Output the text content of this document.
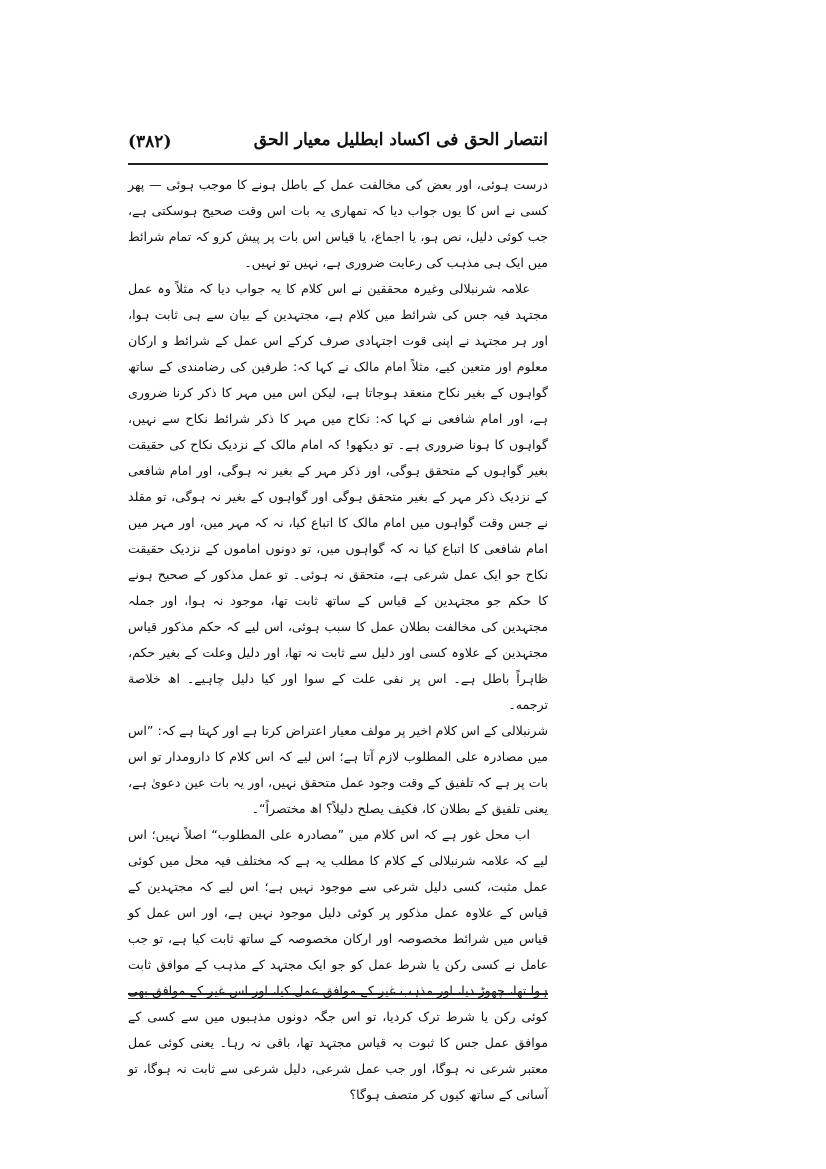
انتصار الحق فی اکساد ابطلیل معیار الحق
(۳۸۲)

درست ہوئی، اور بعض کی مخالفت عمل کے باطل ہونے کا موجب ہوئی — پھر کسی نے اس کا یوں جواب دیا کہ تمھاری یہ بات اس وقت صحیح ہوسکتی ہے، جب کوئی دلیل، نص ہو، یا اجماع، یا قیاس اس بات پر پیش کرو کہ تمام شرائط میں ایک ہی مذہب کی رعایت ضروری ہے، نہیں تو نہیں۔

علامہ شرنبلالی وغیرہ محققین نے اس کلام کا یہ جواب دیا کہ مثلاً وہ عمل مجتہد فیہ جس کی شرائط میں کلام ہے، مجتہدین کے بیان سے ہی ثابت ہوا، اور ہر مجتہد نے اپنی قوت اجتہادی صرف کرکے اس عمل کے شرائط و ارکان معلوم اور متعین کیے، مثلاً امام مالک نے کہا کہ: طرفین کی رضامندی کے ساتھ گواہوں کے بغیر نکاح منعقد ہوجاتا ہے، لیکن اس میں مہر کا ذکر کرنا ضروری ہے، اور امام شافعی نے کہا کہ: نکاح میں مہر کا ذکر شرائط نکاح سے نہیں، گواہوں کا ہونا ضروری ہے۔ تو دیکھو! کہ امام مالک کے نزدیک نکاح کی حقیقت بغیر گواہوں کے متحقق ہوگی، اور ذکر مہر کے بغیر نہ ہوگی، اور امام شافعی کے نزدیک ذکر مہر کے بغیر متحقق ہوگی اور گواہوں کے بغیر نہ ہوگی، تو مقلد نے جس وقت گواہوں میں امام مالک کا اتباع کیا، نہ کہ مہر میں، اور مہر میں امام شافعی کا اتباع کیا نہ کہ گواہوں میں، تو دونوں اماموں کے نزدیک حقیقت نکاح جو ایک عمل شرعی ہے، متحقق نہ ہوئی۔ تو عمل مذکور کے صحیح ہونے کا حکم جو مجتہدین کے قیاس کے ساتھ ثابت تھا، موجود نہ ہوا، اور جملہ مجتہدین کی مخالفت بطلان عمل کا سبب ہوئی، اس لیے کہ حکم مذکور قیاس مجتہدین کے علاوہ کسی اور دلیل سے ثابت نہ تھا، اور دلیل وعلت کے بغیر حکم، ظاہراً باطل ہے۔ اس پر نفی علت کے سوا اور کیا دلیل چاہیے۔ اھ خلاصة ترجمه۔

شرنبلالی کے اس کلام اخیر پر مولف معیار اعتراض کرتا ہے اور کہتا ہے کہ: ”اس میں مصادرہ علی المطلوب لازم آتا ہے؛ اس لیے کہ اس کلام کا دارومدار تو اس بات پر ہے کہ تلفیق کے وقت وجود عمل متحقق نہیں، اور یہ بات عین دعویٰ ہے، یعنی تلفیق کے بطلان کا، فكيف يصلح دليلاً؟ اھ مختصراً“۔

اب محل غور ہے کہ اس کلام میں ”مصادرہ علی المطلوب“ اصلاً نہیں؛ اس لیے کہ علامہ شرنبلالی کے کلام کا مطلب یہ ہے کہ مختلف فیہ محل میں کوئی عمل مثبت، کسی دلیل شرعی سے موجود نہیں ہے؛ اس لیے کہ مجتہدین کے قیاس کے علاوہ عمل مذکور پر کوئی دلیل موجود نہیں ہے، اور اس عمل کو قیاس میں شرائط مخصوصہ اور ارکان مخصوصہ کے ساتھ ثابت کیا ہے، تو جب عامل نے کسی رکن یا شرط عمل کو جو ایک مجتہد کے مذہب کے موافق ثابت ہوا تھا، چھوڑ دیا، اور مذہب غیر کے موافق عمل کیا، اور اس غیر کے موافق بھی کوئی رکن یا شرط ترک کردیا، تو اس جگہ دونوں مذہبوں میں سے کسی کے موافق عمل جس کا ثبوت بہ قیاس مجتہد تھا، باقی نہ رہا۔ یعنی کوئی عمل معتبر شرعی نہ ہوگا، اور جب عمل شرعی، دلیل شرعی سے ثابت نہ ہوگا، تو آسانی کے ساتھ کیوں کر متصف ہوگا؟
